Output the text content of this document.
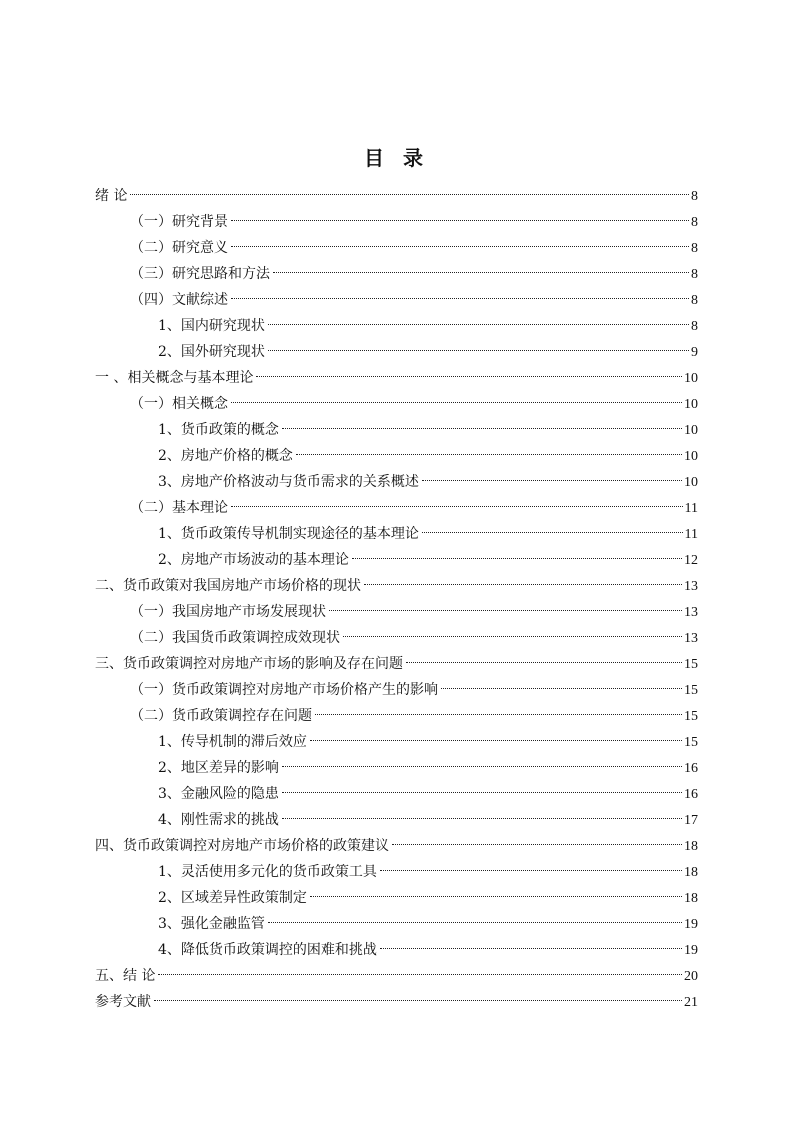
目 录
绪 论	8
（一）研究背景	8
（二）研究意义	8
（三）研究思路和方法	8
（四）文献综述	8
1、国内研究现状	8
2、国外研究现状	9
一 、相关概念与基本理论	10
（一）相关概念	10
1、货币政策的概念	10
2、房地产价格的概念	10
3、房地产价格波动与货币需求的关系概述	10
（二）基本理论	11
1、货币政策传导机制实现途径的基本理论	11
2、房地产市场波动的基本理论	12
二、货币政策对我国房地产市场价格的现状	13
（一）我国房地产市场发展现状	13
（二）我国货币政策调控成效现状	13
三、货币政策调控对房地产市场的影响及存在问题	15
（一）货币政策调控对房地产市场价格产生的影响	15
（二）货币政策调控存在问题	15
1、传导机制的滞后效应	15
2、地区差异的影响	16
3、金融风险的隐患	16
4、刚性需求的挑战	17
四、货币政策调控对房地产市场价格的政策建议	18
1、灵活使用多元化的货币政策工具	18
2、区域差异性政策制定	18
3、强化金融监管	19
4、降低货币政策调控的困难和挑战	19
五、结 论	20
参考文献	21
